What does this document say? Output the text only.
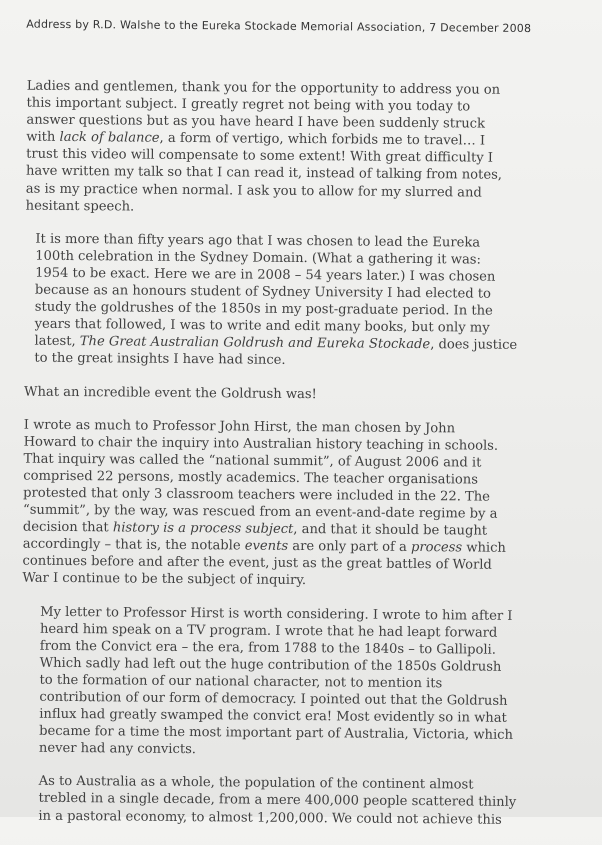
Address by R.D. Walshe to the Eureka Stockade Memorial Association, 7 December 2008

Ladies and gentlemen, thank you for the opportunity to address you on
this important subject. I greatly regret not being with you today to
answer questions but as you have heard I have been suddenly struck
with lack of balance, a form of vertigo, which forbids me to travel… I
trust this video will compensate to some extent! With great difficulty I
have written my talk so that I can read it, instead of talking from notes,
as is my practice when normal. I ask you to allow for my slurred and
hesitant speech.

It is more than fifty years ago that I was chosen to lead the Eureka
100th celebration in the Sydney Domain. (What a gathering it was:
1954 to be exact. Here we are in 2008 – 54 years later.) I was chosen
because as an honours student of Sydney University I had elected to
study the goldrushes of the 1850s in my post-graduate period. In the
years that followed, I was to write and edit many books, but only my
latest, The Great Australian Goldrush and Eureka Stockade, does justice
to the great insights I have had since.

What an incredible event the Goldrush was!

I wrote as much to Professor John Hirst, the man chosen by John
Howard to chair the inquiry into Australian history teaching in schools.
That inquiry was called the “national summit”, of August 2006 and it
comprised 22 persons, mostly academics. The teacher organisations
protested that only 3 classroom teachers were included in the 22. The
“summit”, by the way, was rescued from an event-and-date regime by a
decision that history is a process subject, and that it should be taught
accordingly – that is, the notable events are only part of a process which
continues before and after the event, just as the great battles of World
War I continue to be the subject of inquiry.

My letter to Professor Hirst is worth considering. I wrote to him after I
heard him speak on a TV program. I wrote that he had leapt forward
from the Convict era – the era, from 1788 to the 1840s – to Gallipoli.
Which sadly had left out the huge contribution of the 1850s Goldrush
to the formation of our national character, not to mention its
contribution of our form of democracy. I pointed out that the Goldrush
influx had greatly swamped the convict era! Most evidently so in what
became for a time the most important part of Australia, Victoria, which
never had any convicts.

As to Australia as a whole, the population of the continent almost
trebled in a single decade, from a mere 400,000 people scattered thinly
in a pastoral economy, to almost 1,200,000. We could not achieve this
